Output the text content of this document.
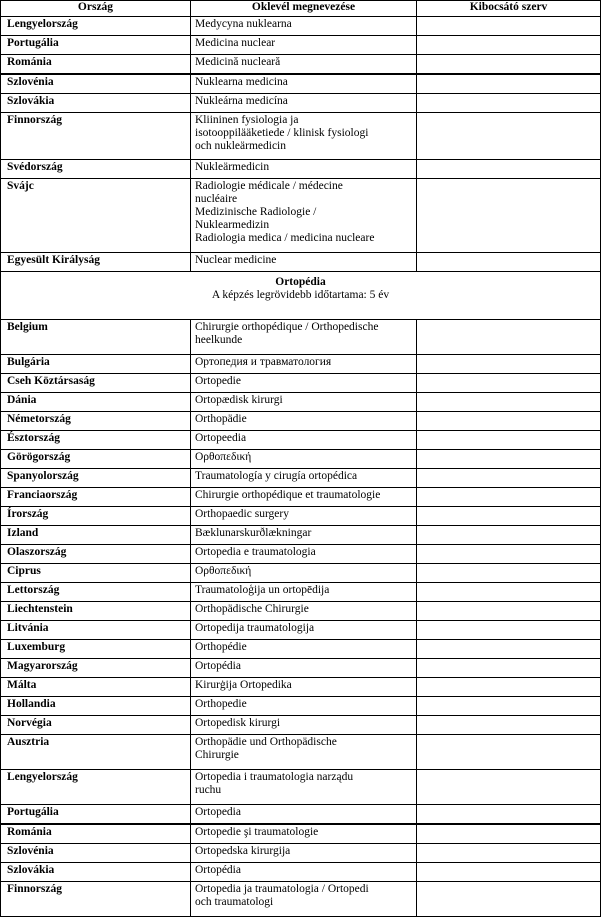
Ország	Oklevél megnevezése	Kibocsátó szerv
Lengyelország	Medycyna nuklearna	

Portugália	Medicina nuclear	

Románia	Medicină nucleară	

Szlovénia	Nuklearna medicina	

Szlovákia	Nukleárna medicína	

Finnország	Kliininen fysiologia ja
isotooppilääketiede / klinisk fysiologi
och nukleärmedicin	

Svédország	Nukleärmedicin	

Svájc	Radiologie médicale / médecine
nucléaire
Medizinische Radiologie /
Nuklearmedizin
Radiologia medica / medicina nucleare	

Egyesült Királyság	Nuclear medicine	

Ortopédia
A képzés legrövidebb időtartama: 5 év		
Belgium	Chirurgie orthopédique / Orthopedische
heelkunde	

Bulgária	Ортопедия и травматология	

Cseh Köztársaság	Ortopedie	

Dánia	Ortopædisk kirurgi	

Németország	Orthopädie	

Észtország	Ortopeedia	

Görögország	Ορθοπεδική	

Spanyolország	Traumatología y cirugía ortopédica	

Franciaország	Chirurgie orthopédique et traumatologie	

Írország	Orthopaedic surgery	

Izland	Bæklunarskurðlækningar	

Olaszország	Ortopedia e traumatologia	

Ciprus	Ορθοπεδική	

Lettország	Traumatoloģija un ortopēdija	

Liechtenstein	Orthopädische Chirurgie	

Litvánia	Ortopedija traumatologija	

Luxemburg	Orthopédie	

Magyarország	Ortopédia	

Málta	Kirurġija Ortopedika	

Hollandia	Orthopedie	

Norvégia	Ortopedisk kirurgi	

Ausztria	Orthopädie und Orthopädische
Chirurgie	

Lengyelország	Ortopedia i traumatologia narządu
ruchu	

Portugália	Ortopedia	

Románia	Ortopedie şi traumatologie	

Szlovénia	Ortopedska kirurgija	

Szlovákia	Ortopédia	

Finnország	Ortopedia ja traumatologia / Ortopedi
och traumatologi	
